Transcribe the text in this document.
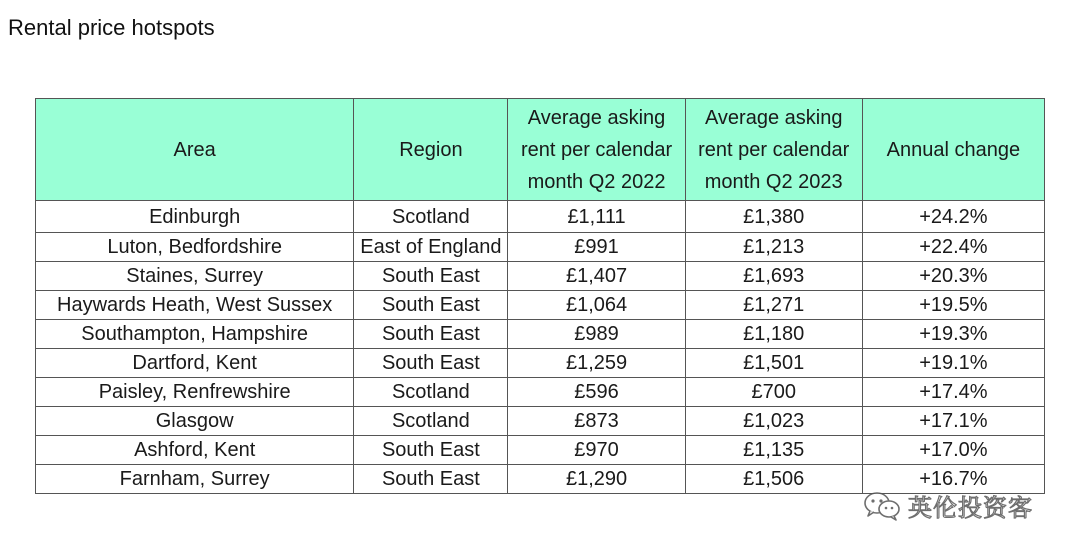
Rental price hotspots
Area	Region	Average asking rent per calendar month Q2 2022	Average asking rent per calendar month Q2 2023	Annual change
Edinburgh	Scotland	£1,111	£1,380	+24.2%
Luton, Bedfordshire	East of England	£991	£1,213	+22.4%
Staines, Surrey	South East	£1,407	£1,693	+20.3%
Haywards Heath, West Sussex	South East	£1,064	£1,271	+19.5%
Southampton, Hampshire	South East	£989	£1,180	+19.3%
Dartford, Kent	South East	£1,259	£1,501	+19.1%
Paisley, Renfrewshire	Scotland	£596	£700	+17.4%
Glasgow	Scotland	£873	£1,023	+17.1%
Ashford, Kent	South East	£970	£1,135	+17.0%
Farnham, Surrey	South East	£1,290	£1,506	+16.7%
英伦投资客
